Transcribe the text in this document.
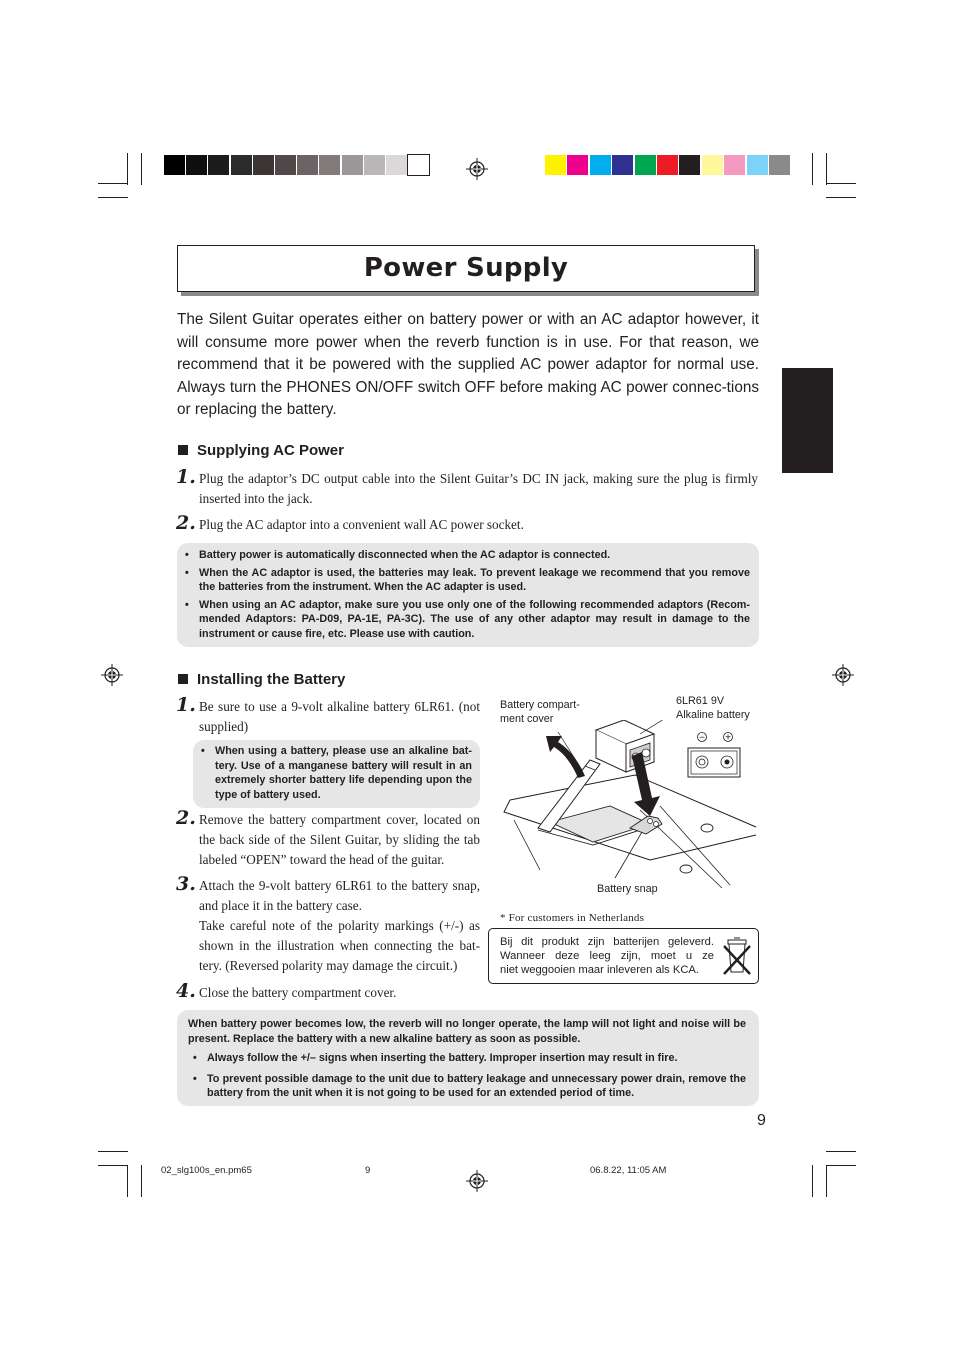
Power Supply
The Silent Guitar operates either on battery power or with an AC adaptor however, it will consume more power when the reverb function is in use. For that reason, we recommend that it be powered with the supplied AC power adaptor for normal use. Always turn the PHONES ON/OFF switch OFF before making AC power connec-tions or replacing the battery.
Supplying AC Power
1. Plug the adaptor’s DC output cable into the Silent Guitar’s DC IN jack, making sure the plug is firmly inserted into the jack.
2. Plug the AC adaptor into a convenient wall AC power socket.
• Battery power is automatically disconnected when the AC adaptor is connected.
• When the AC adaptor is used, the batteries may leak. To prevent leakage we recommend that you remove the batteries from the instrument. When the AC adapter is used.
• When using an AC adaptor, make sure you use only one of the following recommended adaptors (Recom-mended Adaptors: PA-D09, PA-1E, PA-3C). The use of any other adaptor may result in damage to the instrument or cause fire, etc. Please use with caution.
Installing the Battery
1. Be sure to use a 9-volt alkaline battery 6LR61. (not supplied)
• When using a battery, please use an alkaline bat-tery. Use of a manganese battery will result in an extremely shorter battery life depending upon the type of battery used.
2. Remove the battery compartment cover, located on the back side of the Silent Guitar, by sliding the tab labeled “OPEN” toward the head of the guitar.
3. Attach the 9-volt battery 6LR61 to the battery snap, and place it in the battery case.
Take careful note of the polarity markings (+/-) as shown in the illustration when connecting the bat-tery. (Reversed polarity may damage the circuit.)
4. Close the battery compartment cover.
− +
Battery compart-
ment cover
6LR61 9V
Alkaline battery
Battery snap
* For customers in Netherlands
Bij dit produkt zijn batterijen geleverd.
Wanneer deze leeg zijn, moet u ze
niet weggooien maar inleveren als KCA.
When battery power becomes low, the reverb will no longer operate, the lamp will not light and noise will be present. Replace the battery with a new alkaline battery as soon as possible.
• Always follow the +/– signs when inserting the battery. Improper insertion may result in fire.
• To prevent possible damage to the unit due to battery leakage and unnecessary power drain, remove the battery from the unit when it is not going to be used for an extended period of time.
9
02_slg100s_en.pm65	9	06.8.22, 11:05 AM
